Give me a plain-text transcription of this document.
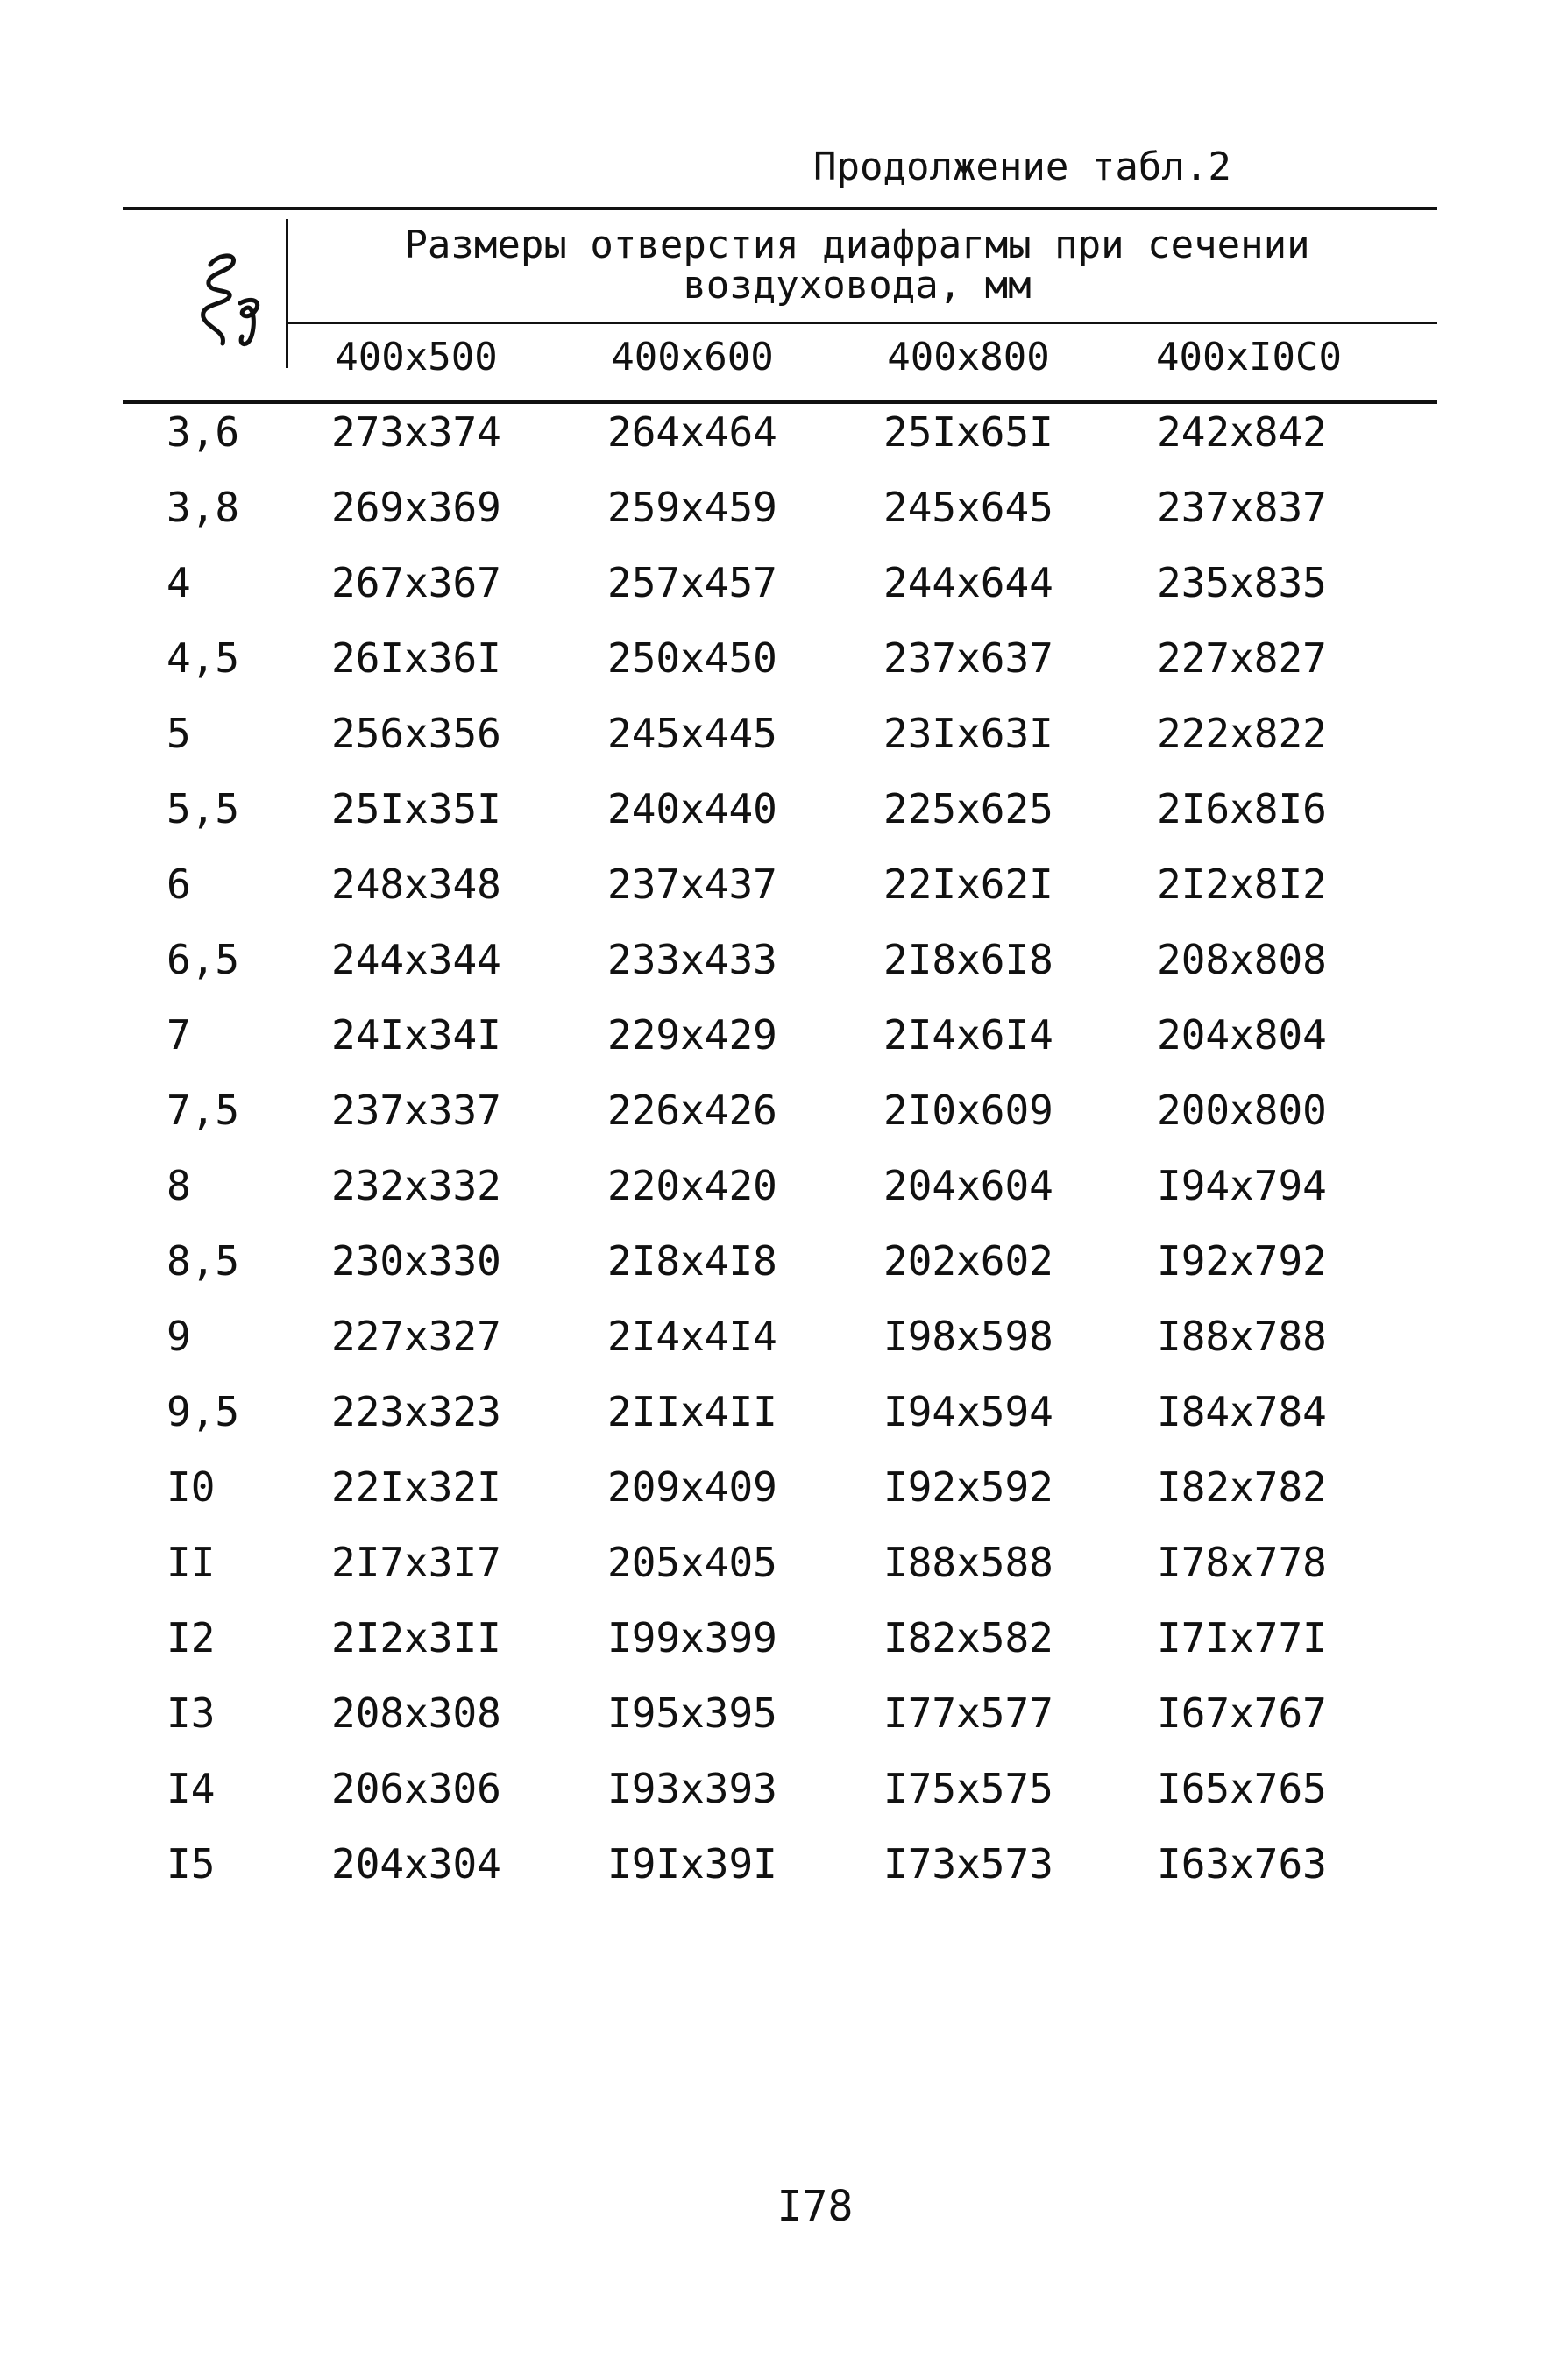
Продолжение табл.2
Размеры отверстия диафрагмы при сечении
воздуховода, мм
400x500	400x600	400x800	400xI0C0
3,6 273x374	264x464	25Ix65I	242x842
3,8 269x369	259x459	245x645	237x837
4	267x367	257x457	244x644	235x835
4,5 26Ix36I	250x450	237x637	227x827
5	256x356	245x445	23Ix63I	222x822
5,5 25Ix35I	240x440	225x625	2I6x8I6
6	248x348	237x437	22Ix62I	2I2x8I2
6,5 244x344	233x433	2I8x6I8	208x808
7	24Ix34I	229x429	2I4x6I4	204x804
7,5 237x337	226x426	2I0x609	200x800
8	232x332	220x420	204x604	I94x794
8,5 230x330	2I8x4I8	202x602	I92x792
9	227x327	2I4x4I4	I98x598	I88x788
9,5 223x323	2IIx4II	I94x594	I84x784
I0	22Ix32I	209x409	I92x592	I82x782
II	2I7x3I7	205x405	I88x588	I78x778
I2	2I2x3II	I99x399	I82x582	I7Ix77I
I3	208x308	I95x395	I77x577	I67x767
I4	206x306	I93x393	I75x575	I65x765
I5	204x304	I9Ix39I	I73x573	I63x763
I78
